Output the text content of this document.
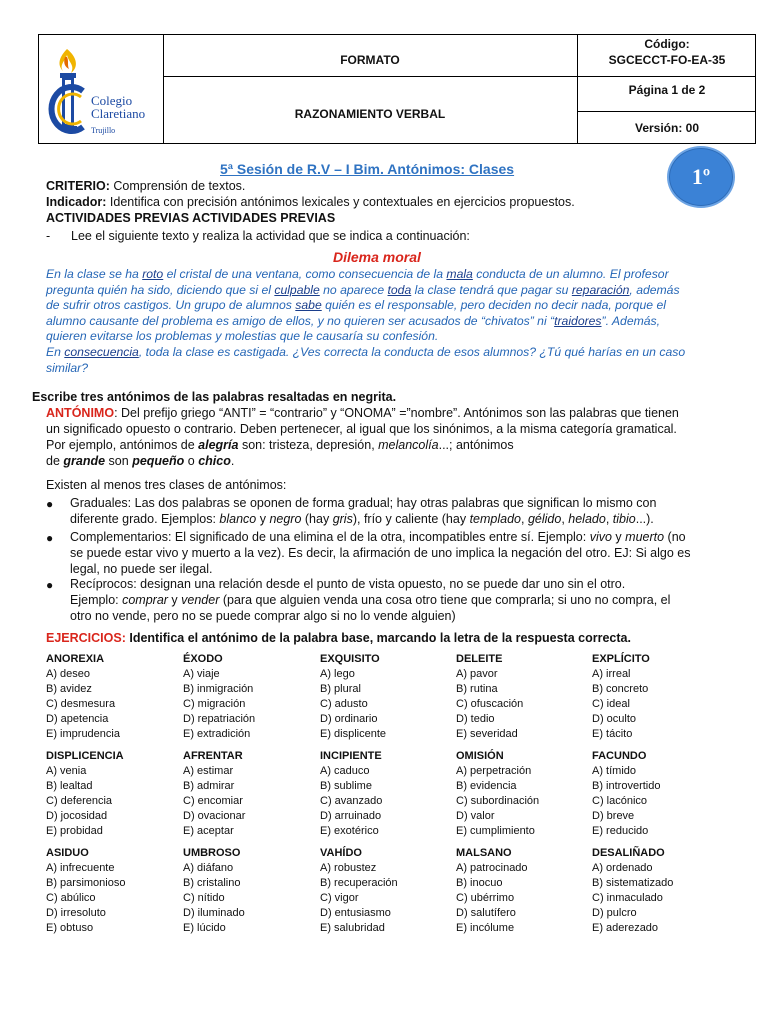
Colegio
Claretiano
Trujillo
FORMATO
RAZONAMIENTO VERBAL
Código:
SGCECCT-FO-EA-35
Página 1 de 2
Versión: 00
1º
5ª Sesión de R.V – I Bim. Antónimos: Clases
CRITERIO: Comprensión de textos.
Indicador: Identifica con precisión antónimos lexicales y contextuales en ejercicios propuestos.
ACTIVIDADES PREVIAS ACTIVIDADES PREVIAS
-      Lee el siguiente texto y realiza la actividad que se indica a continuación:
Dilema moral
En la clase se ha roto el cristal de una ventana, como consecuencia de la mala conducta de un alumno. El profesor
pregunta quién ha sido, diciendo que si el culpable no aparece toda la clase tendrá que pagar su reparación, además
de sufrir otros castigos. Un grupo de alumnos sabe quién es el responsable, pero deciden no decir nada, porque el
alumno causante del problema es amigo de ellos, y no quieren ser acusados de “chivatos” ni “traidores”. Además,
quieren evitarse los problemas y molestias que le causaría su confesión.
En consecuencia, toda la clase es castigada. ¿Ves correcta la conducta de esos alumnos? ¿Tú qué harías en un caso
similar?
Escribe tres antónimos de las palabras resaltadas en negrita.
ANTÓNIMO: Del prefijo griego “ANTI” = “contrario” y “ONOMA” =”nombre”. Antónimos son las palabras que tienen
un significado opuesto o contrario. Deben pertenecer, al igual que los sinónimos, a la misma categoría gramatical.
Por ejemplo, antónimos de alegría son: tristeza, depresión, melancolía...; antónimos
de grande son pequeño o chico.
Existen al menos tres clases de antónimos:
● Graduales: Las dos palabras se oponen de forma gradual; hay otras palabras que significan lo mismo con
diferente grado. Ejemplos: blanco y negro (hay gris), frío y caliente (hay templado, gélido, helado, tibio...).
● Complementarios: El significado de una elimina el de la otra, incompatibles entre sí. Ejemplo: vivo y muerto (no
se puede estar vivo y muerto a la vez). Es decir, la afirmación de uno implica la negación del otro. EJ: Si algo es
legal, no puede ser ilegal.
● Recíprocos: designan una relación desde el punto de vista opuesto, no se puede dar uno sin el otro.
Ejemplo: comprar y vender (para que alguien venda una cosa otro tiene que comprarla; si uno no compra, el
otro no vende, pero no se puede comprar algo si no lo vende alguien)
EJERCICIOS: Identifica el antónimo de la palabra base, marcando la letra de la respuesta correcta.
ANOREXIA
A) deseo
B) avidez
C) desmesura
D) apetencia
E) imprudencia
ÉXODO
A) viaje
B) inmigración
C) migración
D) repatriación
E) extradición
EXQUISITO
A) lego
B) plural
C) adusto
D) ordinario
E) displicente
DELEITE
A) pavor
B) rutina
C) ofuscación
D) tedio
E) severidad
EXPLÍCITO
A) irreal
B) concreto
C) ideal
D) oculto
E) tácito
DISPLICENCIA
A) venia
B) lealtad
C) deferencia
D) jocosidad
E) probidad
AFRENTAR
A) estimar
B) admirar
C) encomiar
D) ovacionar
E) aceptar
INCIPIENTE
A) caduco
B) sublime
C) avanzado
D) arruinado
E) exotérico
OMISIÓN
A) perpetración
B) evidencia
C) subordinación
D) valor
E) cumplimiento
FACUNDO
A) tímido
B) introvertido
C) lacónico
D) breve
E) reducido
ASIDUO
A) infrecuente
B) parsimonioso
C) abúlico
D) irresoluto
E) obtuso
UMBROSO
A) diáfano
B) cristalino
C) nítido
D) iluminado
E) lúcido
VAHÍDO
A) robustez
B) recuperación
C) vigor
D) entusiasmo
E) salubridad
MALSANO
A) patrocinado
B) inocuo
C) ubérrimo
D) salutífero
E) incólume
DESALIÑADO
A) ordenado
B) sistematizado
C) inmaculado
D) pulcro
E) aderezado
